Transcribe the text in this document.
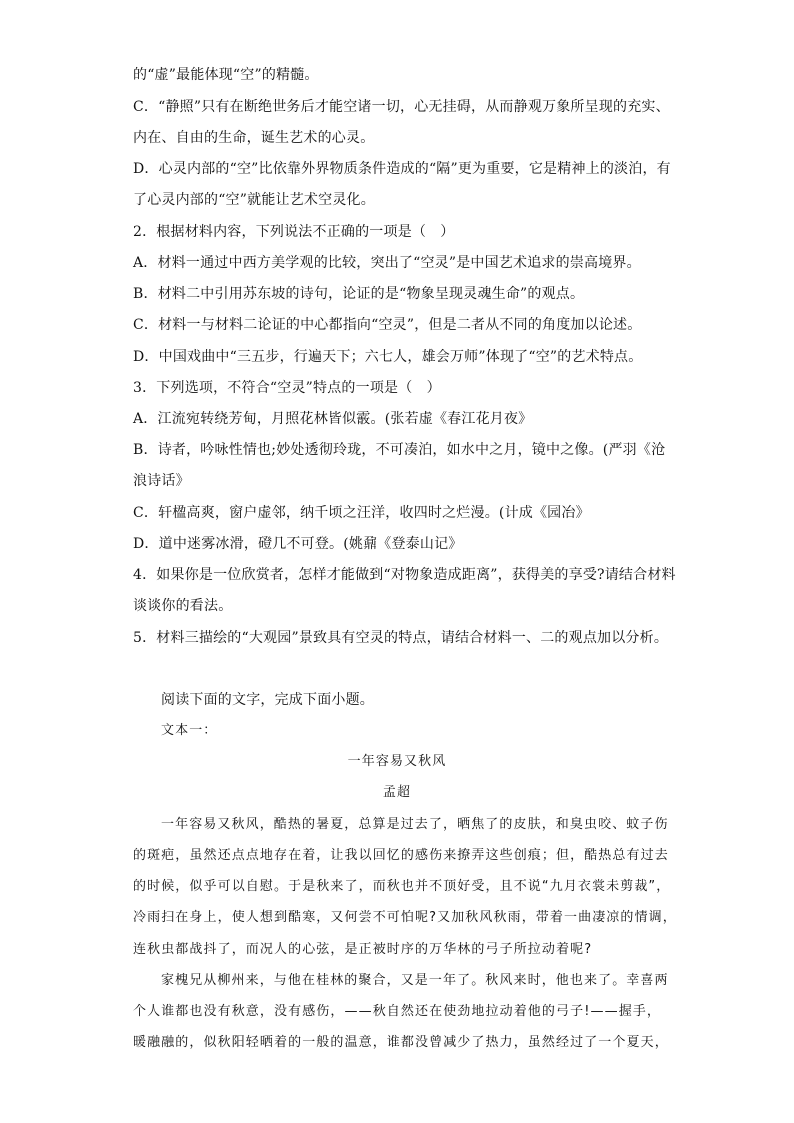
的“虚”最能体现“空”的精髓。
C．“静照”只有在断绝世务后才能空诸一切，心无挂碍，从而静观万象所呈现的充实、
内在、自由的生命，诞生艺术的心灵。
D．心灵内部的“空”比依靠外界物质条件造成的“隔”更为重要，它是精神上的淡泊，有
了心灵内部的“空”就能让艺术空灵化。
2．根据材料内容，下列说法不正确的一项是（　）
A．材料一通过中西方美学观的比较，突出了“空灵”是中国艺术追求的崇高境界。
B．材料二中引用苏东坡的诗句，论证的是“物象呈现灵魂生命”的观点。
C．材料一与材料二论证的中心都指向“空灵”，但是二者从不同的角度加以论述。
D．中国戏曲中“三五步，行遍天下；六七人，雄会万师”体现了“空”的艺术特点。
3．下列选项，不符合“空灵”特点的一项是（　）
A．江流宛转绕芳甸，月照花林皆似霰。(张若虚《春江花月夜》
B．诗者，吟咏性情也;妙处透彻玲珑，不可凑泊，如水中之月，镜中之像。(严羽《沧
浪诗话》
C．轩楹高爽，窗户虚邻，纳千顷之汪洋，收四时之烂漫。(计成《园冶》
D．道中迷雾冰滑，磴几不可登。(姚鼐《登泰山记》
4．如果你是一位欣赏者，怎样才能做到“对物象造成距离”，获得美的享受?请结合材料
谈谈你的看法。
5．材料三描绘的“大观园”景致具有空灵的特点，请结合材料一、二的观点加以分析。
阅读下面的文字，完成下面小题。
文本一：
一年容易又秋风
孟超
一年容易又秋风，酷热的暑夏，总算是过去了，晒焦了的皮肤，和臭虫咬、蚊子伤
的斑疤，虽然还点点地存在着，让我以回忆的感伤来撩弄这些创痕；但，酷热总有过去
的时候，似乎可以自慰。于是秋来了，而秋也并不顶好受，且不说“九月衣裳未剪裁”，
冷雨扫在身上，使人想到酷寒，又何尝不可怕呢?又加秋风秋雨，带着一曲凄凉的情调，
连秋虫都战抖了，而况人的心弦，是正被时序的万华林的弓子所拉动着呢?
家槐兄从柳州来，与他在桂林的聚合，又是一年了。秋风来时，他也来了。幸喜两
个人谁都也没有秋意，没有感伤，——秋自然还在使劲地拉动着他的弓子!——握手，
暖融融的，似秋阳轻晒着的一般的温意，谁都没曾减少了热力，虽然经过了一个夏天，
